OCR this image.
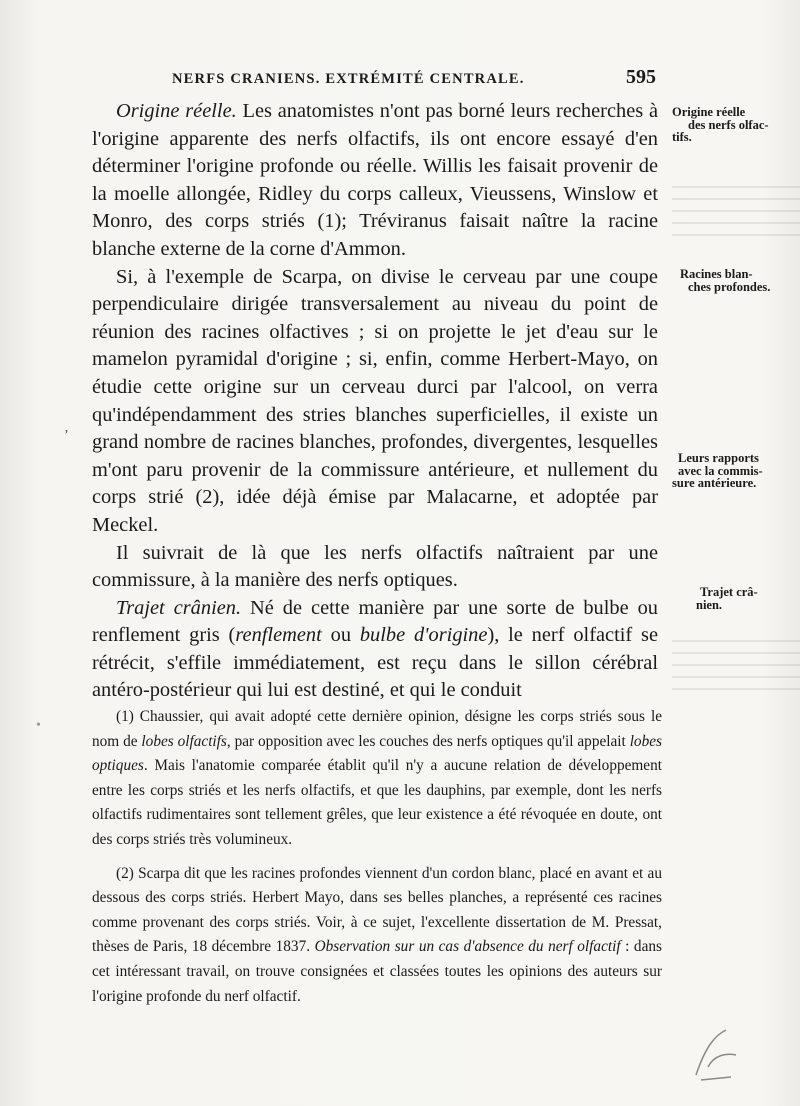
NERFS CRANIENS. EXTRÉMITÉ CENTRALE.	595

Origine réelle. Les anatomistes n'ont pas borné leurs recherches à l'origine apparente des nerfs olfactifs, ils ont encore essayé d'en déterminer l'origine profonde ou réelle. Willis les faisait provenir de la moelle allongée, Ridley du corps calleux, Vieussens, Winslow et Monro, des corps striés (1); Tréviranus faisait naître la racine blanche externe de la corne d'Ammon.

Si, à l'exemple de Scarpa, on divise le cerveau par une coupe perpendiculaire dirigée transversalement au niveau du point de réunion des racines olfactives ; si on projette le jet d'eau sur le mamelon pyramidal d'origine ; si, enfin, comme Herbert-Mayo, on étudie cette origine sur un cerveau durci par l'alcool, on verra qu'indépendamment des stries blanches superficielles, il existe un grand nombre de racines blanches, profondes, divergentes, lesquelles m'ont paru provenir de la commissure antérieure, et nullement du corps strié (2), idée déjà émise par Malacarne, et adoptée par Meckel.

Il suivrait de là que les nerfs olfactifs naîtraient par une commissure, à la manière des nerfs optiques.

Trajet crânien. Né de cette manière par une sorte de bulbe ou renflement gris (renflement ou bulbe d'origine), le nerf olfactif se rétrécit, s'effile immédiatement, est reçu dans le sillon cérébral antéro-postérieur qui lui est destiné, et qui le conduit

Origine réelle
des nerfs olfac-
tifs.
Racines blan-
ches profondes.
Leurs rapports
avec la commis-
sure antérieure.
Trajet crâ-
nien.

(1) Chaussier, qui avait adopté cette dernière opinion, désigne les corps striés sous le nom de lobes olfactifs, par opposition avec les couches des nerfs optiques qu'il appelait lobes optiques. Mais l'anatomie comparée établit qu'il n'y a aucune relation de développement entre les corps striés et les nerfs olfactifs, et que les dauphins, par exemple, dont les nerfs olfactifs rudimentaires sont tellement grêles, que leur existence a été révoquée en doute, ont des corps striés très volumineux.

(2) Scarpa dit que les racines profondes viennent d'un cordon blanc, placé en avant et au dessous des corps striés. Herbert Mayo, dans ses belles planches, a représenté ces racines comme provenant des corps striés. Voir, à ce sujet, l'excellente dissertation de M. Pressat, thèses de Paris, 18 décembre 1837. Observation sur un cas d'absence du nerf olfactif : dans cet intéressant travail, on trouve consignées et classées toutes les opinions des auteurs sur l'origine profonde du nerf olfactif.

’
•
